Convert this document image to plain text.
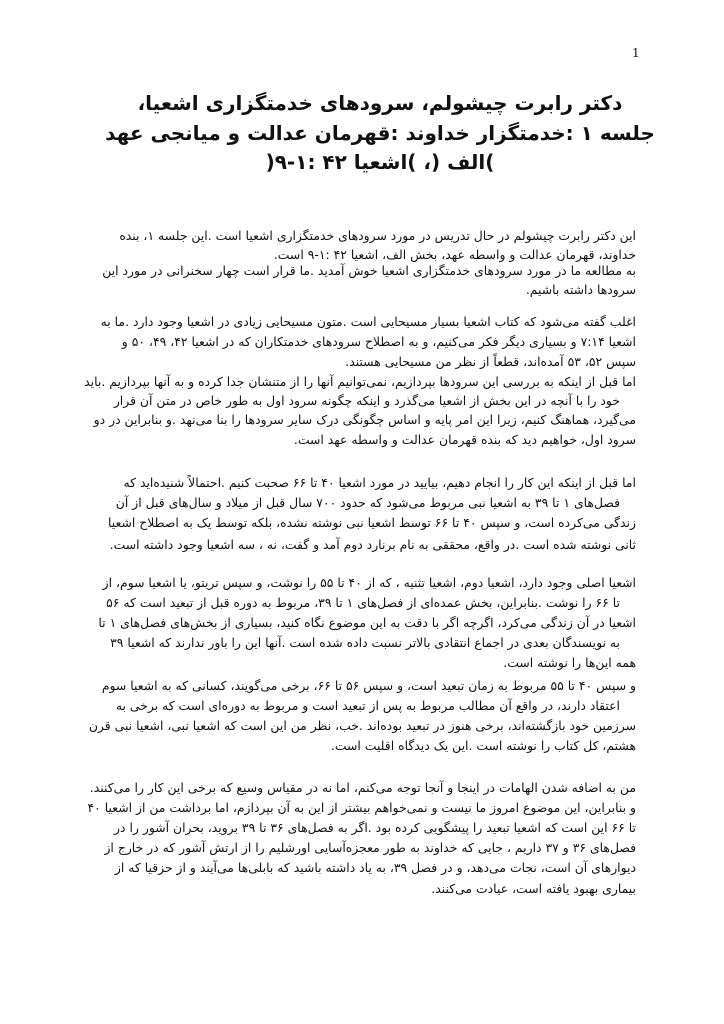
1
دکتر رابرت چیشولم، سرودهای خدمتگزاری اشعیا،
جلسه ۱ :خدمتگزار خداوند :قهرمان عدالت و میانجی عهد
)الف (، )اشعیا ۴۲ :۱-۹(
این دکتر رابرت چیشولم در حال تدریس در مورد سرودهای خدمتگزاری اشعیا است .این جلسه ۱، بنده
خداوند، قهرمان عدالت و واسطه عهد، بخش الف، اشعیا ۴۲ :۱-۹ است.
به مطالعه ما در مورد سرودهای خدمتگزاری اشعیا خوش آمدید .ما قرار است چهار سخنرانی در مورد این
سرودها داشته باشیم.
اغلب گفته می‌شود که کتاب اشعیا بسیار مسیحایی است .متون مسیحایی زیادی در اشعیا وجود دارد .ما به
اشعیا ۷:۱۴ و بسیاری دیگر فکر می‌کنیم، و به اصطلاح سرودهای خدمتکاران که در اشعیا ۴۲، ۴۹، ۵۰ و
سپس ۵۲، ۵۳ آمده‌اند، قطعاً از نظر من مسیحایی هستند.
اما قبل از اینکه به بررسی این سرودها بپردازیم، نمی‌توانیم آنها را از متنشان جدا کرده و به آنها بپردازیم .باید
خود را با آنچه در این بخش از اشعیا می‌گذرد و اینکه چگونه سرود اول به طور خاص در متن آن قرار
می‌گیرد، هماهنگ کنیم، زیرا این امر پایه و اساس چگونگی درک سایر سرودها را بنا می‌نهد .و بنابراین در دو
سرود اول، خواهیم دید که بنده قهرمان عدالت و واسطه عهد است.
اما قبل از اینکه این کار را انجام دهیم، بیایید در مورد اشعیا ۴۰ تا ۶۶ صحبت کنیم .احتمالاً شنیده‌اید که
فصل‌های ۱ تا ۳۹ به اشعیا نبی مربوط می‌شود که حدود ۷۰۰ سال قبل از میلاد و سال‌های قبل از آن
زندگی می‌کرده است، و سپس ۴۰ تا ۶۶ توسط اشعیا نبی نوشته نشده، بلکه توسط یک به اصطلاح اشعیا
ثانی نوشته شده است .در واقع، محققی به نام برنارد دوم آمد و گفت، نه ، سه اشعیا وجود داشته است.
اشعیا اصلی وجود دارد، اشعیا دوم، اشعیا تثنیه ، که از ۴۰ تا ۵۵ را نوشت، و سپس تریتو، یا اشعیا سوم، از
تا ۶۶ را نوشت .بنابراین، بخش عمده‌ای از فصل‌های ۱ تا ۳۹، مربوط به دوره قبل از تبعید است که ۵۶
اشعیا در آن زندگی می‌کرد، اگرچه اگر با دقت به این موضوع نگاه کنید، بسیاری از بخش‌های فصل‌های ۱ تا
به نویسندگان بعدی در اجماع انتقادی بالاتر نسبت داده شده است .آنها این را باور ندارند که اشعیا ۳۹
همه این‌ها را نوشته است.
و سپس ۴۰ تا ۵۵ مربوط به زمان تبعید است، و سپس ۵۶ تا ۶۶، برخی می‌گویند، کسانی که به اشعیا سوم
اعتقاد دارند، در واقع آن مطالب مربوط به پس از تبعید است و مربوط به دوره‌ای است که برخی به
سرزمین خود بازگشته‌اند، برخی هنوز در تبعید بوده‌اند .خب، نظر من این است که اشعیا نبی، اشعیا نبی قرن
هشتم، کل کتاب را نوشته است .این یک دیدگاه اقلیت است.
من به اضافه شدن الهامات در اینجا و آنجا توجه می‌کنم، اما نه در مقیاس وسیع که برخی این کار را می‌کنند.
و بنابراین، این موضوع امروز ما نیست و نمی‌خواهم بیشتر از این به آن بپردازم، اما برداشت من از اشعیا ۴۰
تا ۶۶ این است که اشعیا تبعید را پیشگویی کرده بود .اگر به فصل‌های ۳۶ تا ۳۹ بروید، بحران آشور را در
فصل‌های ۳۶ و ۳۷ داریم ، جایی که خداوند به طور معجزه‌آسایی اورشلیم را از ارتش آشور که در خارج از
دیوارهای آن است، نجات می‌دهد، و در فصل ۳۹، به یاد داشته باشید که بابلی‌ها می‌آیند و از حزقیا که از
بیماری بهبود یافته است، عیادت می‌کنند.
